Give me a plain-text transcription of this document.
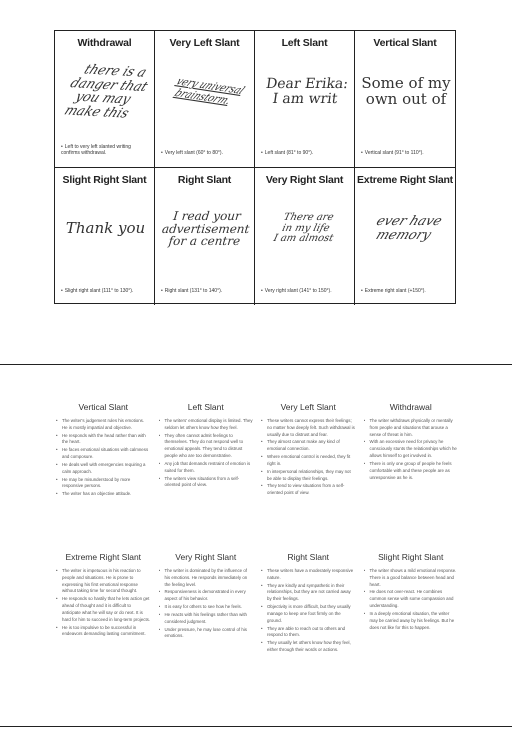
Withdrawal
there is a
danger that
you may
make this
• Left to very left slanted writing confirms withdrawal.
Very Left Slant
very universal
brainstorm.
• Very left slant (60° to 80°).
Left Slant
Dear Erika:
I am writ
• Left slant (81° to 90°).
Vertical Slant
Some of my
own out of
• Vertical slant (91° to 110°).
Slight Right Slant
Thank you
• Slight right slant (111° to 130°).
Right Slant
I read your
advertisement
for a centre
• Right slant (131° to 140°).
Very Right Slant
There are
in my life
I am almost
• Very right slant (141° to 150°).
Extreme Right Slant
ever have
memory
• Extreme right slant (+150°).
Vertical Slant
• The writer's judgement rules his emotions. He is mostly impartial and objective.
• He responds with the head rather than with the heart.
• He faces emotional situations with calmness and composure.
• He deals well with emergencies requiring a calm approach.
• He may be misunderstood by more responsive persons.
• The writer has an objective attitude.
Left Slant
• The writers' emotional display is limited. They seldom let others know how they feel.
• They often cannot admit feelings to themselves. They do not respond well to emotional appeals. They tend to distrust people who are too demonstrative.
• Any job that demands restraint of emotion is suited for them.
• The writers view situations from a self-oriented point of view.
Very Left Slant
• These writers cannot express their feelings; no matter how deeply felt. Such withdrawal is usually due to distrust and fear.
• They almost cannot make any kind of emotional connection.
• Where emotional control is needed, they fit right in.
• In interpersonal relationships, they may not be able to display their feelings.
• They tend to view situations from a self-oriented point of view.
Withdrawal
• The writer withdraws physically or mentally from people and situations that arouse a sense of threat in him.
• With an excessive need for privacy he consciously stunts the relationships which he allows himself to get involved in.
• There is only one group of people he feels comfortable with and these people are as unresponsive as he is.
Extreme Right Slant
• The writer is impetuous in his reaction to people and situations. He is prone to expressing his first emotional response without taking time for second thought.
• He responds so hastily that he lets action get ahead of thought and it is difficult to anticipate what he will say or do next. It is hard for him to succeed in long-term projects.
• He is too impulsive to be successful in endeavors demanding lasting commitment.
Very Right Slant
• The writer is dominated by the influence of his emotions. He responds immediately on the feeling level.
• Responsiveness is demonstrated in every aspect of his behavior.
• It is easy for others to see how he feels.
• He reacts with his feelings rather than with considered judgment.
• Under pressure, he may lose control of his emotions.
Right Slant
• These writers have a moderately responsive nature.
• They are kindly and sympathetic in their relationships, but they are not carried away by their feelings.
• Objectivity is more difficult, but they usually manage to keep one foot firmly on the ground.
• They are able to reach out to others and respond to them.
• They usually let others know how they feel, either through their words or actions.
Slight Right Slant
• The writer shows a mild emotional response. There is a good balance between head and heart.
• He does not over-react. He combines common sense with some compassion and understanding.
• In a deeply emotional situation, the writer may be carried away by his feelings. But he does not like for this to happen.
